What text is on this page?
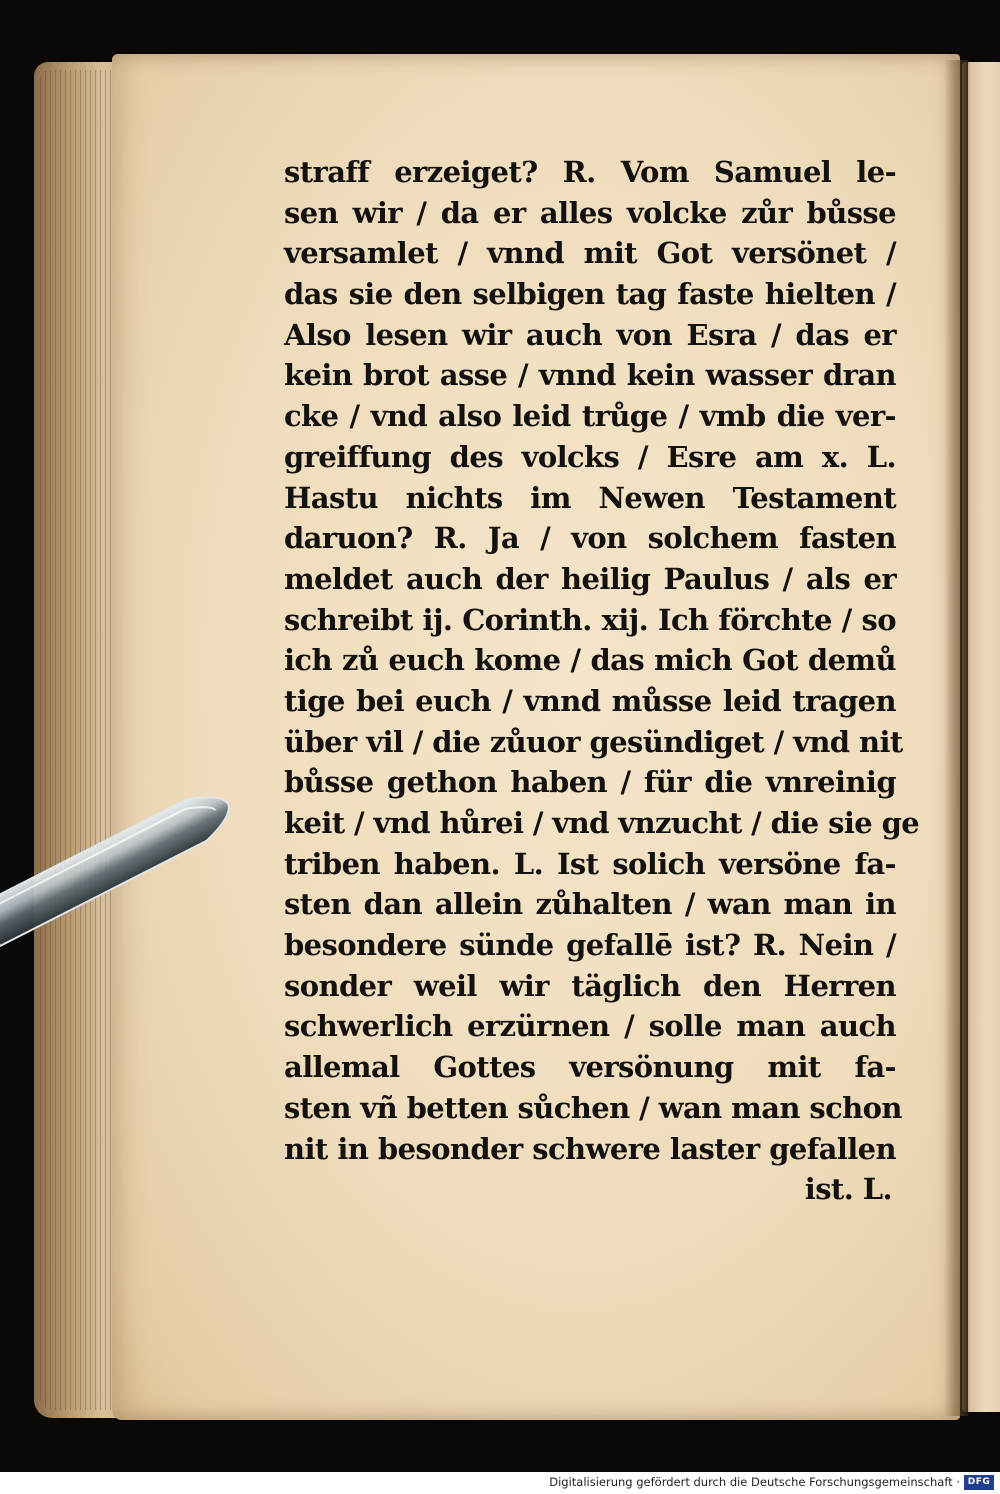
straff erzeiget? R. Vom Samuel le-
sen wir / da er alles volcke zůr bůsse
versamlet / vnnd mit Got versönet /
das sie den selbigen tag faste hielten /
Also lesen wir auch von Esra / das er
kein brot asse / vnnd kein wasser dran
cke / vnd also leid trůge / vmb die ver-
greiffung des volcks / Esre am x. L.
Hastu nichts im Newen Testament
daruon? R. Ja / von solchem fasten
meldet auch der heilig Paulus / als er
schreibt ij. Corinth. xij. Ich förchte / so
ich zů euch kome / das mich Got demů
tige bei euch / vnnd můsse leid tragen
über vil / die zůuor gesündiget / vnd nit
bůsse gethon haben / für die vnreinig
keit / vnd hůrei / vnd vnzucht / die sie ge
triben haben. L. Ist solich versöne fa-
sten dan allein zůhalten / wan man in
besondere sünde gefallē ist? R. Nein /
sonder weil wir täglich den Herren
schwerlich erzürnen / solle man auch
allemal Gottes versönung mit fa-
sten vñ betten sůchen / wan man schon
nit in besonder schwere laster gefallen
ist. L.
Digitalisierung gefördert durch die Deutsche Forschungsgemeinschaft · DFG
